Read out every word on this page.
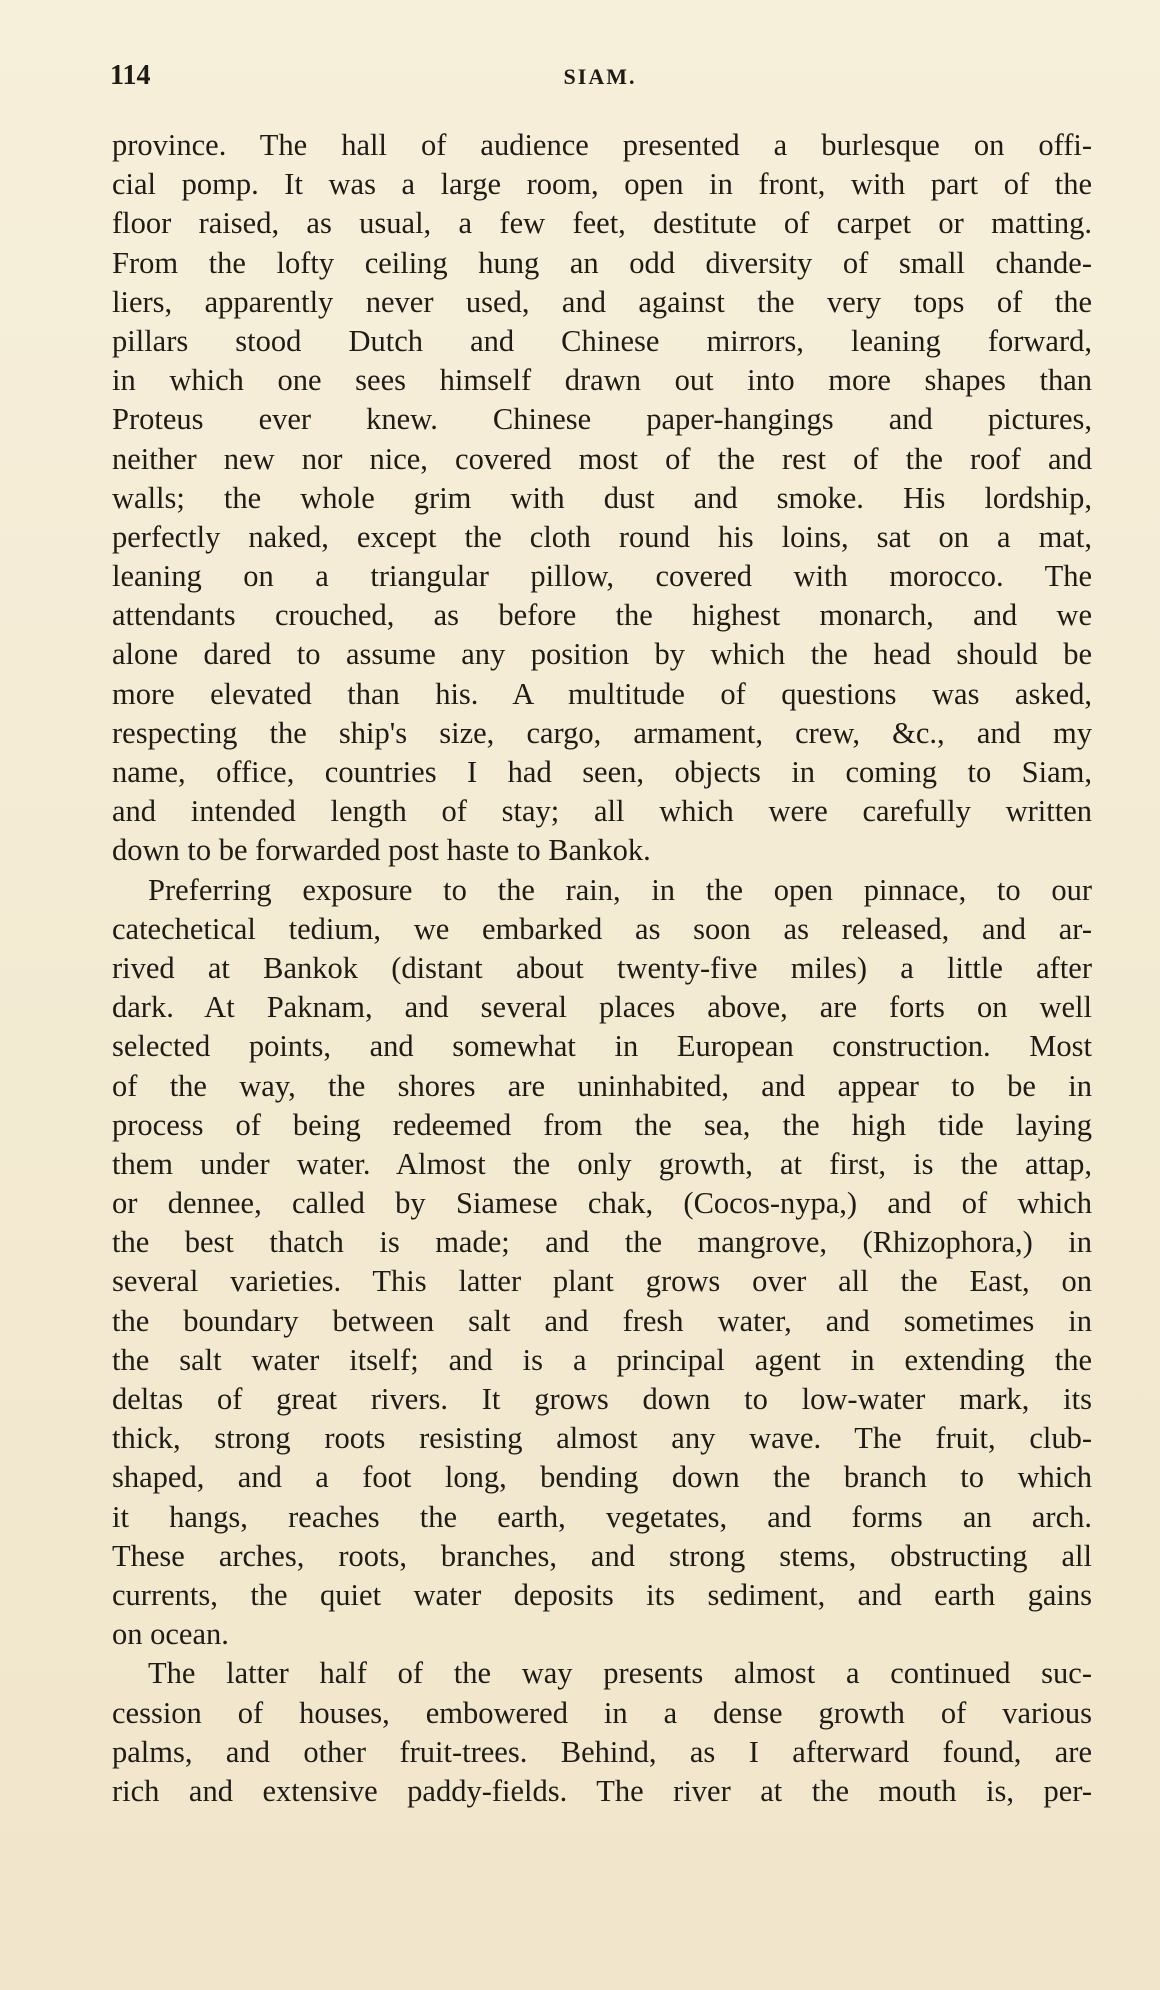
114	SIAM.
province. The hall of audience presented a burlesque on offi-
cial pomp. It was a large room, open in front, with part of the
floor raised, as usual, a few feet, destitute of carpet or matting.
From the lofty ceiling hung an odd diversity of small chande-
liers, apparently never used, and against the very tops of the
pillars stood Dutch and Chinese mirrors, leaning forward,
in which one sees himself drawn out into more shapes than
Proteus ever knew. Chinese paper-hangings and pictures,
neither new nor nice, covered most of the rest of the roof and
walls; the whole grim with dust and smoke. His lordship,
perfectly naked, except the cloth round his loins, sat on a mat,
leaning on a triangular pillow, covered with morocco. The
attendants crouched, as before the highest monarch, and we
alone dared to assume any position by which the head should be
more elevated than his. A multitude of questions was asked,
respecting the ship's size, cargo, armament, crew, &c., and my
name, office, countries I had seen, objects in coming to Siam,
and intended length of stay; all which were carefully written
down to be forwarded post haste to Bankok.
Preferring exposure to the rain, in the open pinnace, to our
catechetical tedium, we embarked as soon as released, and ar-
rived at Bankok (distant about twenty-five miles) a little after
dark. At Paknam, and several places above, are forts on well
selected points, and somewhat in European construction. Most
of the way, the shores are uninhabited, and appear to be in
process of being redeemed from the sea, the high tide laying
them under water. Almost the only growth, at first, is the attap,
or dennee, called by Siamese chak, (Cocos-nypa,) and of which
the best thatch is made; and the mangrove, (Rhizophora,) in
several varieties. This latter plant grows over all the East, on
the boundary between salt and fresh water, and sometimes in
the salt water itself; and is a principal agent in extending the
deltas of great rivers. It grows down to low-water mark, its
thick, strong roots resisting almost any wave. The fruit, club-
shaped, and a foot long, bending down the branch to which
it hangs, reaches the earth, vegetates, and forms an arch.
These arches, roots, branches, and strong stems, obstructing all
currents, the quiet water deposits its sediment, and earth gains
on ocean.
The latter half of the way presents almost a continued suc-
cession of houses, embowered in a dense growth of various
palms, and other fruit-trees. Behind, as I afterward found, are
rich and extensive paddy-fields. The river at the mouth is, per-
